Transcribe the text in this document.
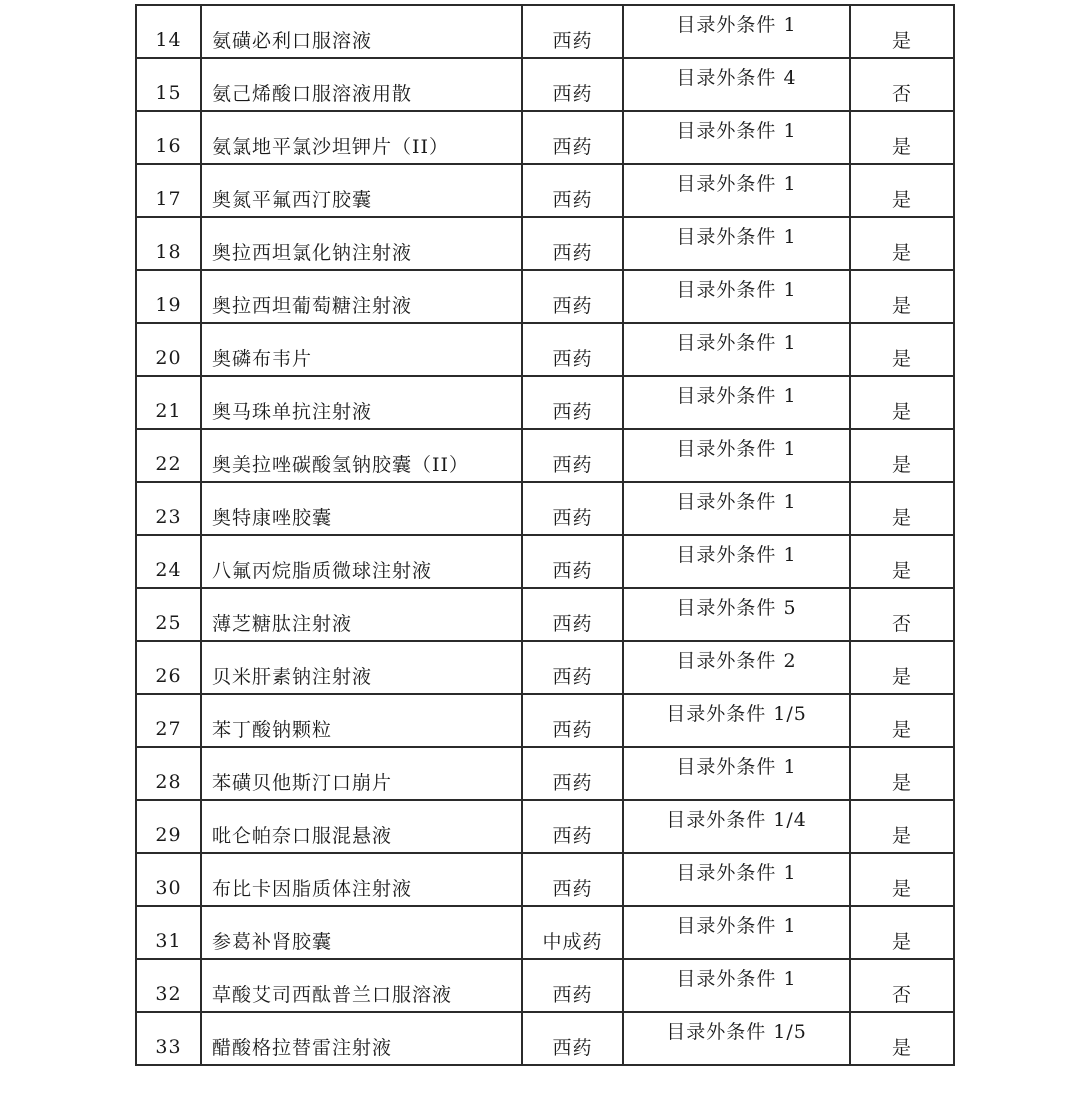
14	氨磺必利口服溶液	西药	目录外条件 1	是
15	氨己烯酸口服溶液用散	西药	目录外条件 4	否
16	氨氯地平氯沙坦钾片（II）	西药	目录外条件 1	是
17	奥氮平氟西汀胶囊	西药	目录外条件 1	是
18	奥拉西坦氯化钠注射液	西药	目录外条件 1	是
19	奥拉西坦葡萄糖注射液	西药	目录外条件 1	是
20	奥磷布韦片	西药	目录外条件 1	是
21	奥马珠单抗注射液	西药	目录外条件 1	是
22	奥美拉唑碳酸氢钠胶囊（II）	西药	目录外条件 1	是
23	奥特康唑胶囊	西药	目录外条件 1	是
24	八氟丙烷脂质微球注射液	西药	目录外条件 1	是
25	薄芝糖肽注射液	西药	目录外条件 5	否
26	贝米肝素钠注射液	西药	目录外条件 2	是
27	苯丁酸钠颗粒	西药	目录外条件 1/5	是
28	苯磺贝他斯汀口崩片	西药	目录外条件 1	是
29	吡仑帕奈口服混悬液	西药	目录外条件 1/4	是
30	布比卡因脂质体注射液	西药	目录外条件 1	是
31	参葛补肾胶囊	中成药	目录外条件 1	是
32	草酸艾司西酞普兰口服溶液	西药	目录外条件 1	否
33	醋酸格拉替雷注射液	西药	目录外条件 1/5	是
